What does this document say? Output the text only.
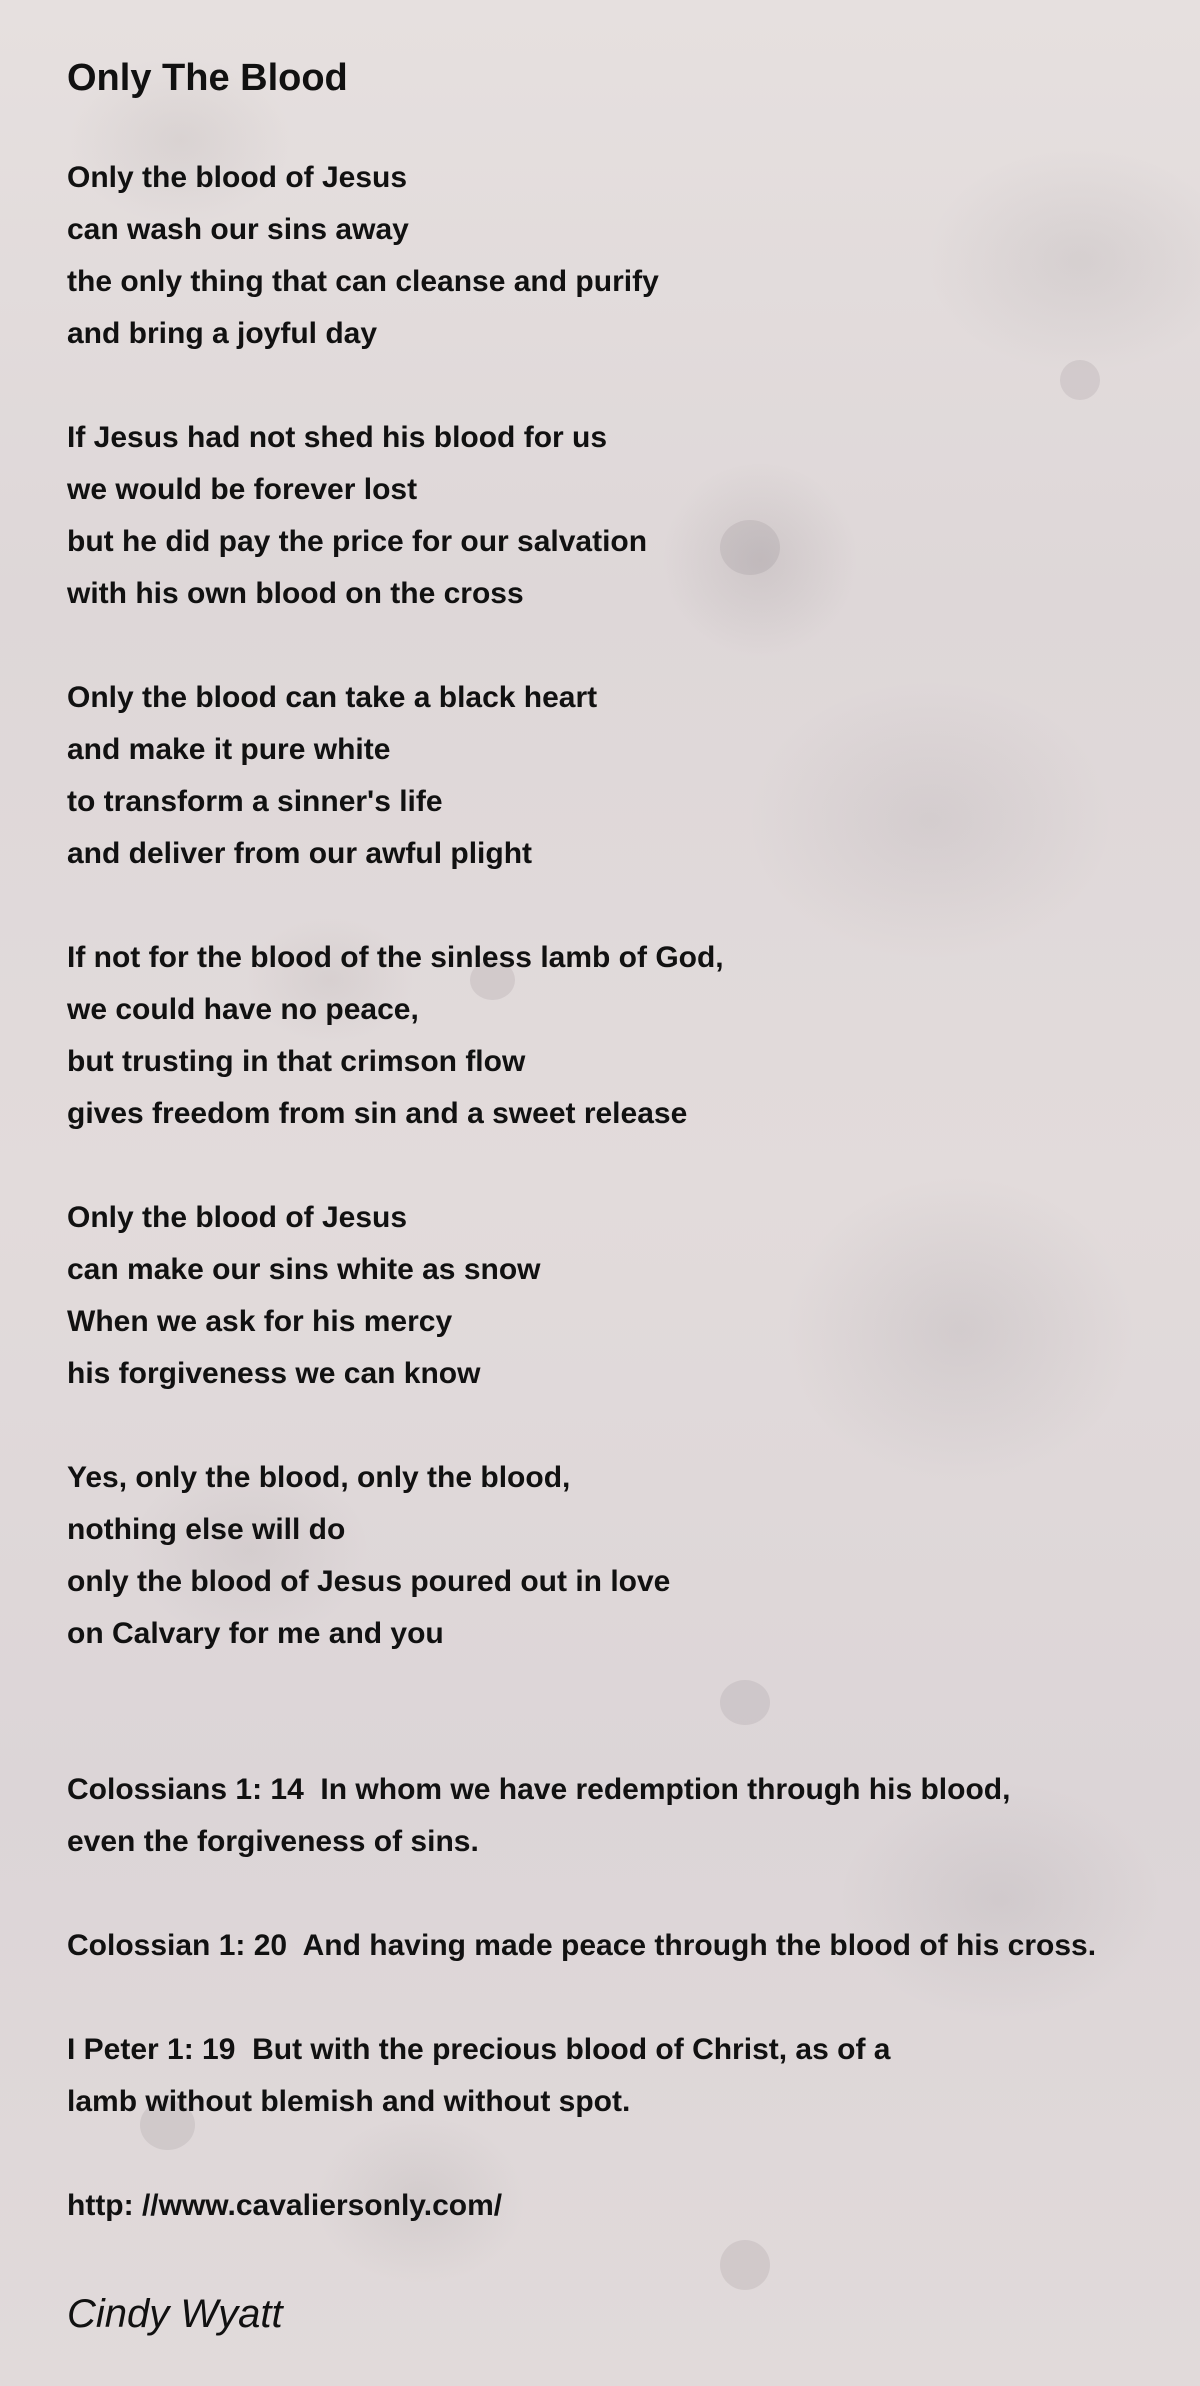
Only The Blood
Only the blood of Jesus
can wash our sins away
the only thing that can cleanse and purify
and bring a joyful day
If Jesus had not shed his blood for us
we would be forever lost
but he did pay the price for our salvation
with his own blood on the cross
Only the blood can take a black heart
and make it pure white
to transform a sinner's life
and deliver from our awful plight
If not for the blood of the sinless lamb of God,
we could have no peace,
but trusting in that crimson flow
gives freedom from sin and a sweet release
Only the blood of Jesus
can make our sins white as snow
When we ask for his mercy
his forgiveness we can know
Yes, only the blood, only the blood,
nothing else will do
only the blood of Jesus poured out in love
on Calvary for me and you
Colossians 1: 14  In whom we have redemption through his blood,
even the forgiveness of sins.
Colossian 1: 20  And having made peace through the blood of his cross.
I Peter 1: 19  But with the precious blood of Christ, as of a
lamb without blemish and without spot.
http: //www.cavaliersonly.com/
Cindy Wyatt
